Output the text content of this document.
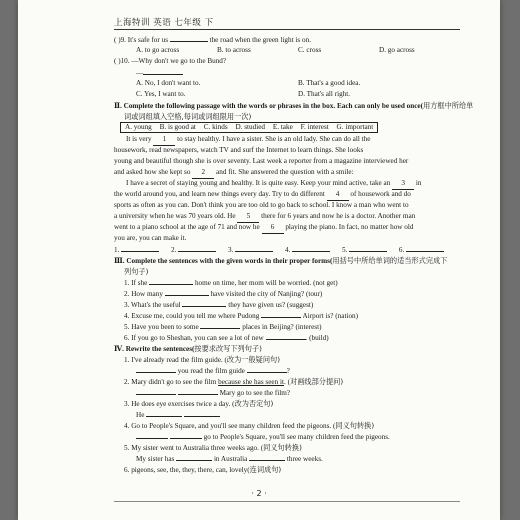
上海特训 英语 七年级 下
( )9. It's safe for us	the road when the green light is on.
A. to go across	B. to across	C. cross	D. go across
( )10. —Why don't we go to the Bund?
—
A. No, I don't want to.	B. That's a good idea.
C. Yes, I want to.	D. That's all right.
Ⅱ. Complete the following passage with the words or phrases in the box. Each can only be used once(用方框中所给单
词或词组填入空格,每词或词组限用一次)
A. young B. is good at C. kinds D. studied E. take F. interest G. important
It is very 1 to stay healthy. I have a sister. She is an old lady. She can do all the
housework, read newspapers, watch TV and surf the Internet to learn things. She looks
young and beautiful though she is over seventy. Last week a reporter from a magazine interviewed her
and asked how she kept so 2 and fit. She answered the question with a smile:
I have a secret of staying young and healthy. It is quite easy. Keep your mind active, take an 3 in
the world around you, and learn new things every day. Try to do different 4 of housework and do
sports as often as you can. Don't think you are too old to go back to school. I know a man who went to
a university when he was 70 years old. He 5 there for 6 years and now he is a doctor. Another man
went to a piano school at the age of 71 and now he 6 playing the piano. In fact, no matter how old
you are, you can make it.
1.	2.	3.	4.	5.	6.
Ⅲ. Complete the sentences with the given words in their proper forms(用括号中所给单词的适当形式完成下
列句子)
1. If she	home on time, her mom will be worried. (not get)
2. How many	have visited the city of Nanjing? (tour)
3. What's the useful	they have given us? (suggest)
4. Excuse me, could you tell me where Pudong	Airport is? (nation)
5. Have you been to some	places in Beijing? (interest)
6. If you go to Sheshan, you can see a lot of new	. (build)
Ⅳ. Rewrite the sentences(按要求改写下列句子)
1. I've already read the film guide. (改为一般疑问句)
you read the film guide	?
2. Mary didn't go to see the film because she has seen it. (对画线部分提问)
Mary go to see the film?
3. He does eye exercises twice a day. (改为否定句)
He
4. Go to People's Square, and you'll see many children feed the pigeons. (同义句转换)
go to People's Square, you'll see many children feed the pigeons.
5. My sister went to Australia three weeks ago. (同义句转换)
My sister has	in Australia	three weeks.
6. pigeons, see, the, they, there, can, lovely(连词成句)
· 2 ·
